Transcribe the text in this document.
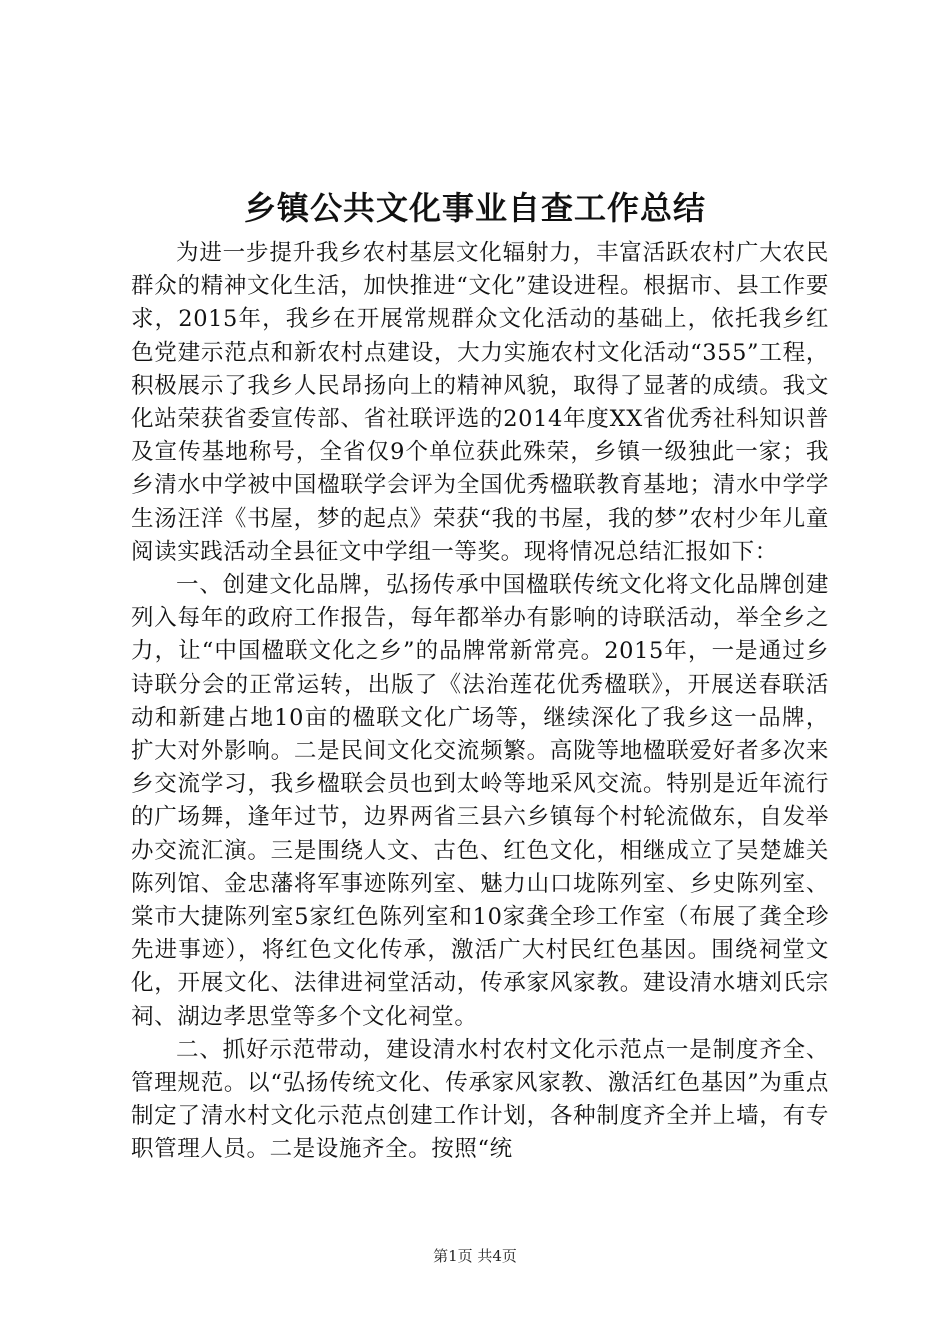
乡镇公共文化事业自查工作总结

为进一步提升我乡农村基层文化辐射力，丰富活跃农村广大农民群众的精神文化生活，加快推进“文化”建设进程。根据市、县工作要求，2015年，我乡在开展常规群众文化活动的基础上，依托我乡红色党建示范点和新农村点建设，大力实施农村文化活动“355”工程，积极展示了我乡人民昂扬向上的精神风貌，取得了显著的成绩。我文化站荣获省委宣传部、省社联评选的2014年度XX省优秀社科知识普及宣传基地称号，全省仅9个单位获此殊荣，乡镇一级独此一家；我乡清水中学被中国楹联学会评为全国优秀楹联教育基地；清水中学学生汤汪洋《书屋，梦的起点》荣获“我的书屋，我的梦”农村少年儿童阅读实践活动全县征文中学组一等奖。现将情况总结汇报如下：

一、创建文化品牌，弘扬传承中国楹联传统文化将文化品牌创建列入每年的政府工作报告，每年都举办有影响的诗联活动，举全乡之力，让“中国楹联文化之乡”的品牌常新常亮。2015年，一是通过乡诗联分会的正常运转，出版了《法治莲花优秀楹联》，开展送春联活动和新建占地10亩的楹联文化广场等，继续深化了我乡这一品牌，扩大对外影响。二是民间文化交流频繁。高陇等地楹联爱好者多次来乡交流学习，我乡楹联会员也到太岭等地采风交流。特别是近年流行的广场舞，逢年过节，边界两省三县六乡镇每个村轮流做东，自发举办交流汇演。三是围绕人文、古色、红色文化，相继成立了吴楚雄关陈列馆、金忠藩将军事迹陈列室、魅力山口垅陈列室、乡史陈列室、棠市大捷陈列室5家红色陈列室和10家龚全珍工作室（布展了龚全珍先进事迹），将红色文化传承，激活广大村民红色基因。围绕祠堂文化，开展文化、法律进祠堂活动，传承家风家教。建设清水塘刘氏宗祠、湖边孝思堂等多个文化祠堂。

二、抓好示范带动，建设清水村农村文化示范点一是制度齐全、管理规范。以“弘扬传统文化、传承家风家教、激活红色基因”为重点制定了清水村文化示范点创建工作计划，各种制度齐全并上墙，有专职管理人员。二是设施齐全。按照“统

第1页 共4页
